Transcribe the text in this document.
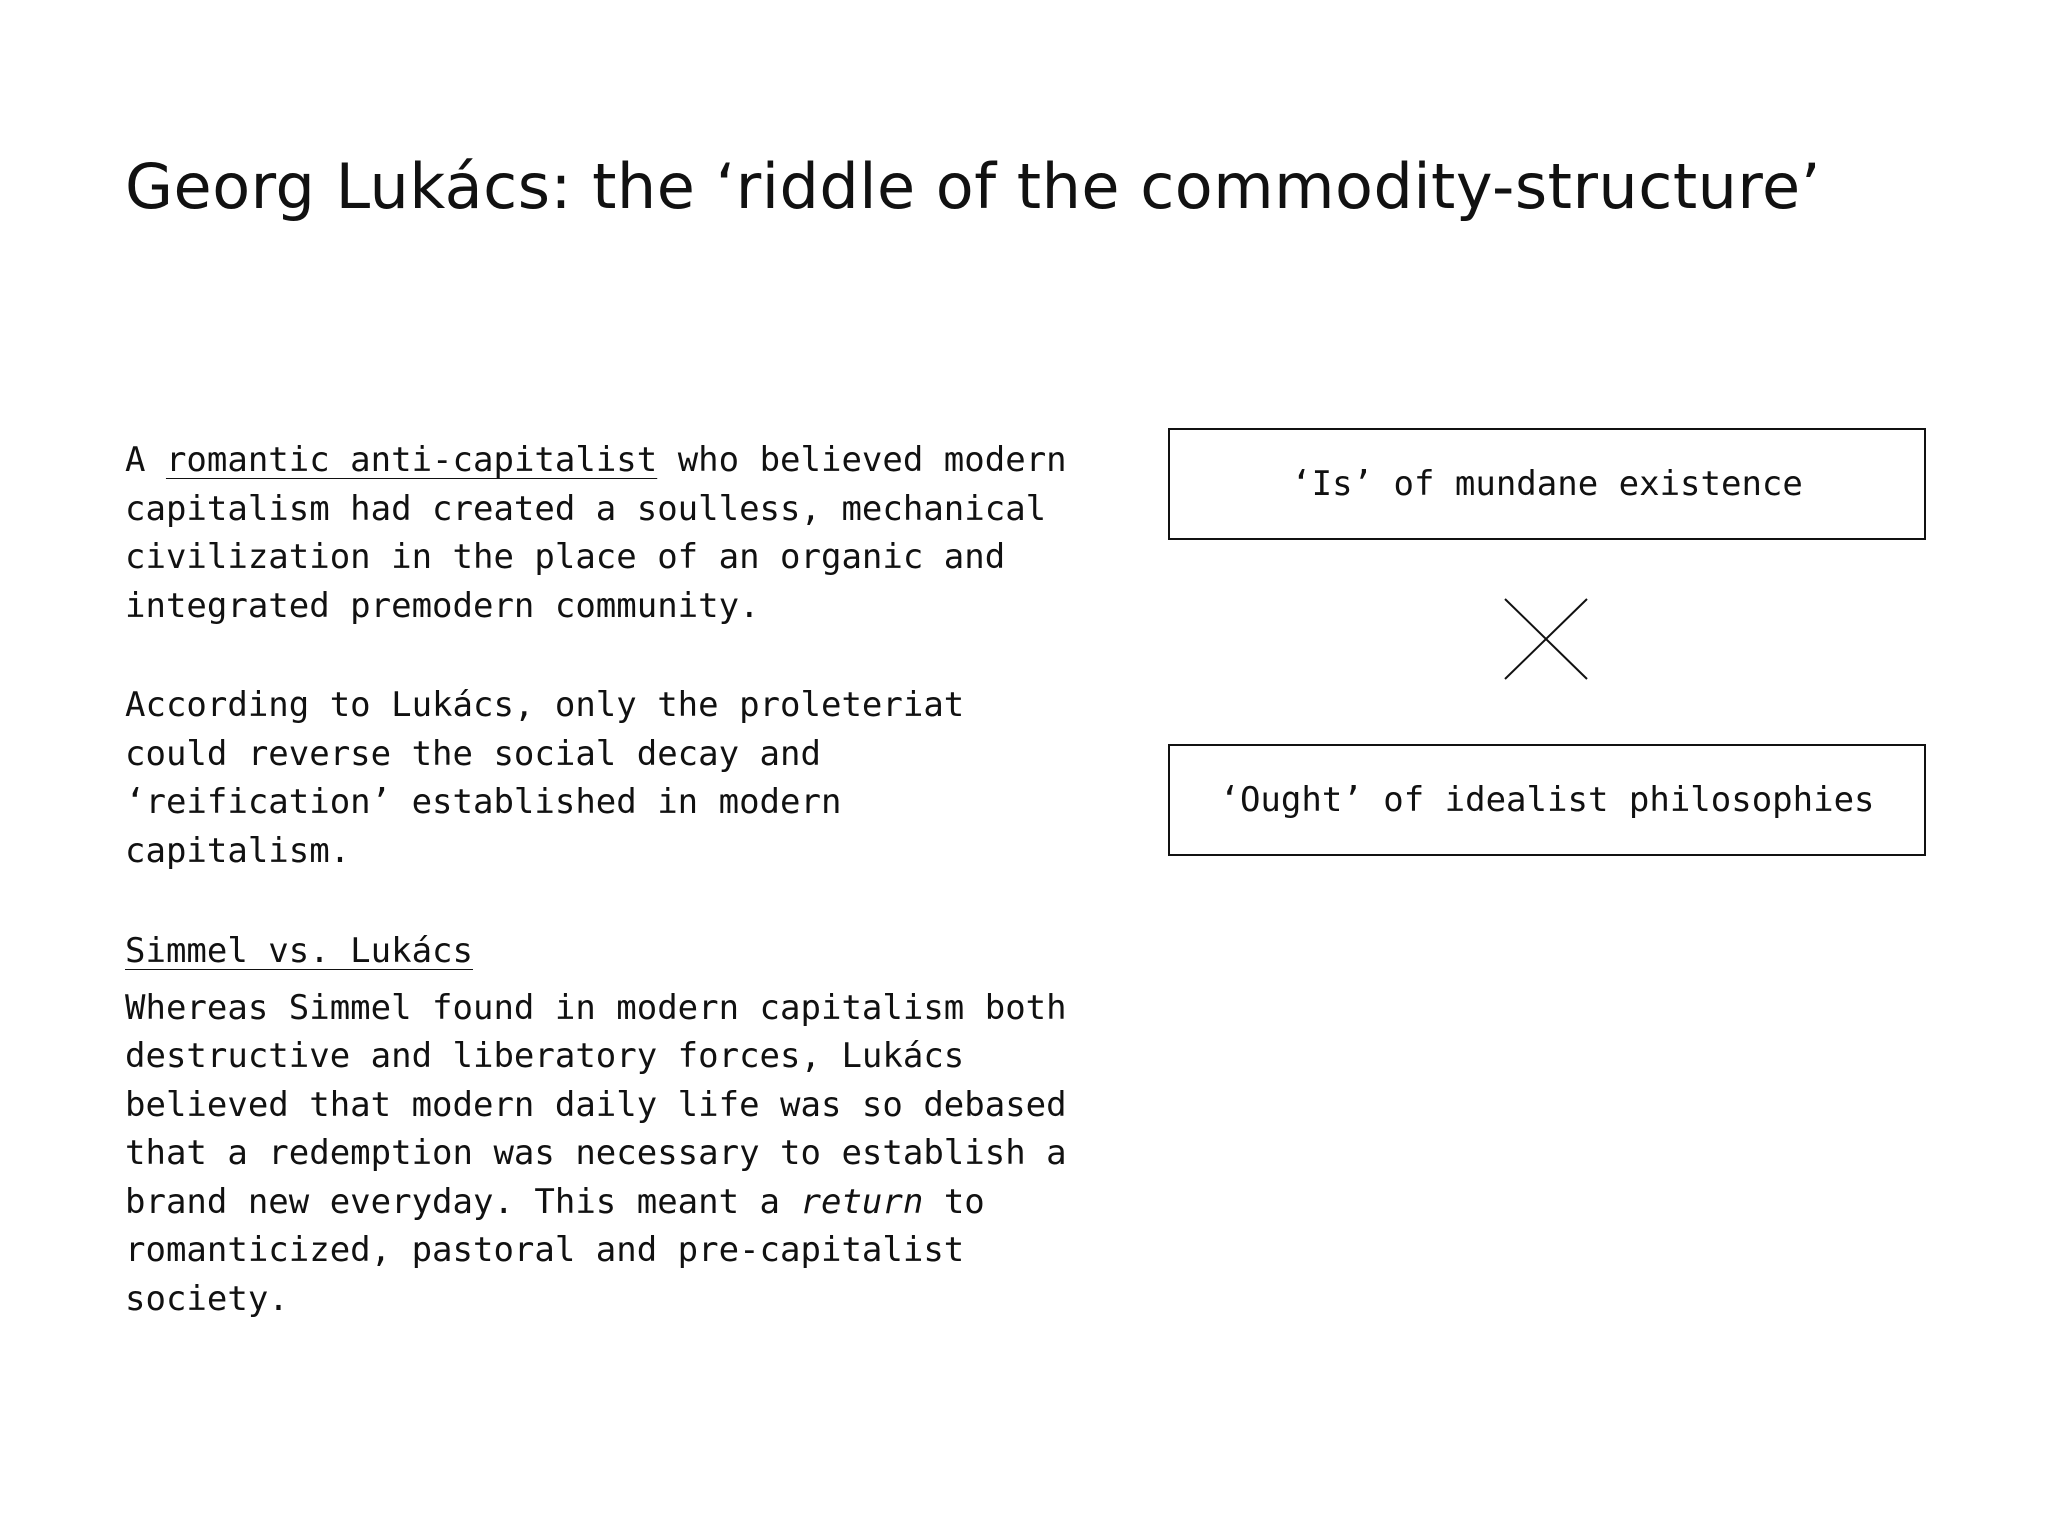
Georg Lukács: the ‘riddle of the commodity-structure’

A romantic anti-capitalist who believed modern capitalism had created a soulless, mechanical civilization in the place of an organic and integrated premodern community.

According to Lukács, only the proleteriat could reverse the social decay and ‘reification’ established in modern capitalism.

Simmel vs. Lukács

Whereas Simmel found in modern capitalism both destructive and liberatory forces, Lukács believed that modern daily life was so debased that a redemption was necessary to establish a brand new everyday. This meant a return to romanticized, pastoral and pre-capitalist society.

‘Is’ of mundane existence
‘Ought’ of idealist philosophies
